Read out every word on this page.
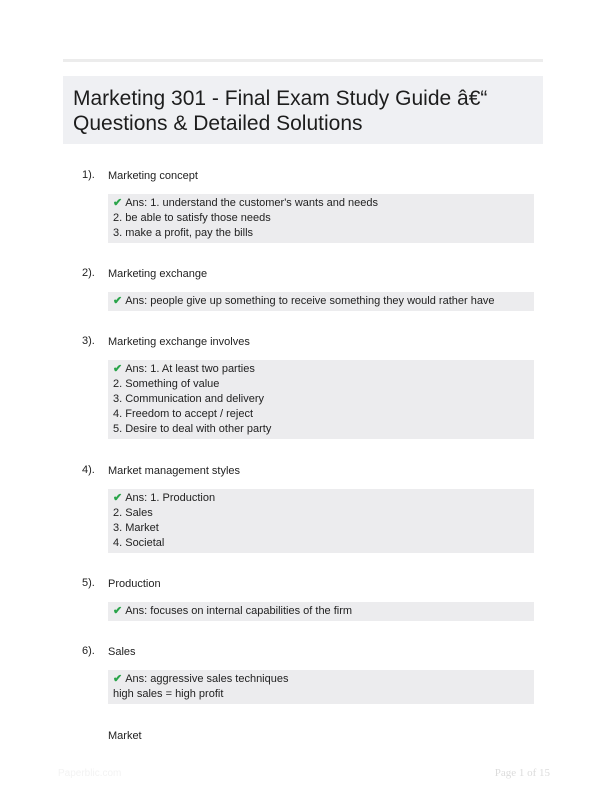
Marketing 301 - Final Exam Study Guide â€“ Questions & Detailed Solutions
1). Marketing concept
✔ Ans: 1. understand the customer's wants and needs
2. be able to satisfy those needs
3. make a profit, pay the bills
2). Marketing exchange
✔ Ans: people give up something to receive something they would rather have
3). Marketing exchange involves
✔ Ans: 1. At least two parties
2. Something of value
3. Communication and delivery
4. Freedom to accept / reject
5. Desire to deal with other party
4). Market management styles
✔ Ans: 1. Production
2. Sales
3. Market
4. Societal
5). Production
✔ Ans: focuses on internal capabilities of the firm
6). Sales
✔ Ans: aggressive sales techniques
high sales = high profit
Market
Paperblic.com	Page 1 of 15
